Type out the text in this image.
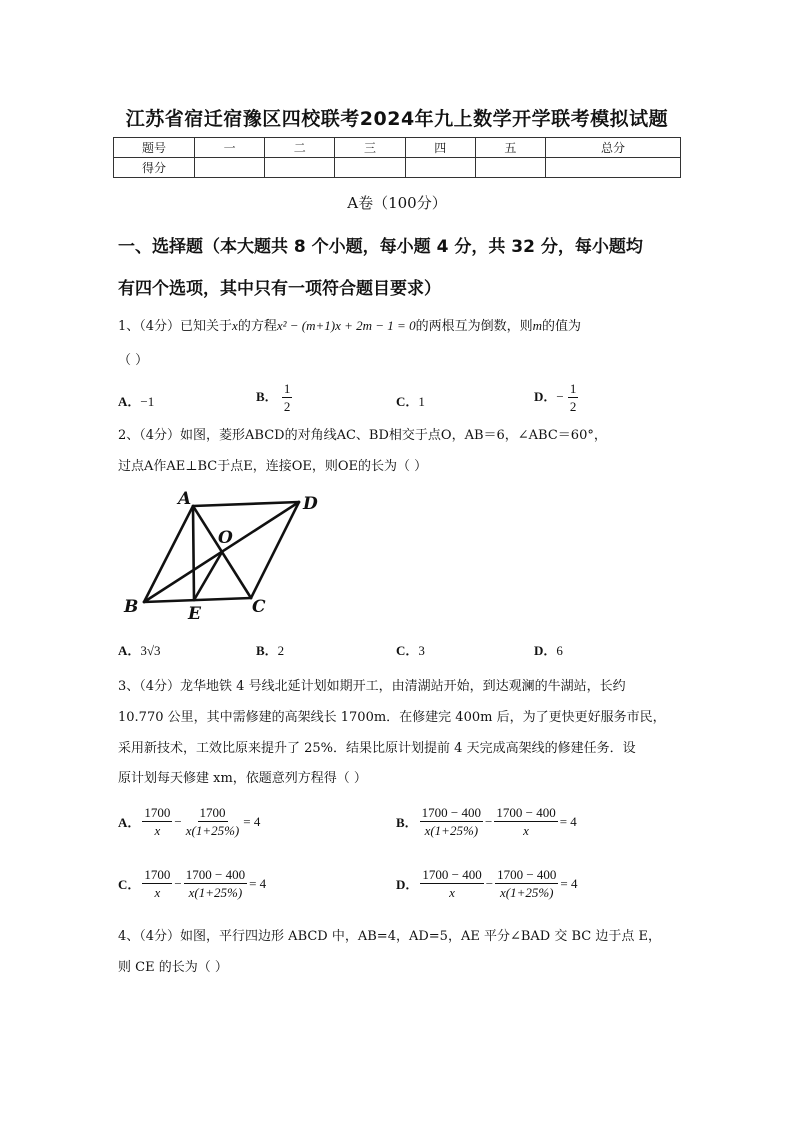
江苏省宿迁宿豫区四校联考2024年九上数学开学联考模拟试题
题号	一	二	三	四	五	总分
得分						
A卷（100分）
一、选择题（本大题共 8 个小题，每小题 4 分，共 32 分，每小题均
有四个选项，其中只有一项符合题目要求）
1、（4分）已知关于x的方程x² − (m+1)x + 2m − 1 = 0的两根互为倒数，则m的值为
（ ）
A．−1	B． $\frac{1}{2}$	C．1	D．− $\frac{1}{2}$
2、（4分）如图，菱形ABCD的对角线AC、BD相交于点O，AB＝6，∠ABC＝60°，
过点A作AE⊥BC于点E，连接OE，则OE的长为（ ）
A	D
O
B	E	C
A．3√3	B．2	C．3	D．6
3、（4分）龙华地铁 4 号线北延计划如期开工，由清湖站开始，到达观澜的牛湖站，长约
10.770 公里，其中需修建的高架线长 1700m．在修建完 400m 后，为了更快更好服务市民，
采用新技术，工效比原来提升了 25%．结果比原计划提前 4 天完成高架线的修建任务．设
原计划每天修建 xm，依题意列方程得（ ）
A． $\frac{1700}{x} - \frac{1700}{x(1+25\%)} = 4$	B． $\frac{1700 - 400}{x(1+25\%)} - \frac{1700 - 400}{x} = 4$
C． $\frac{1700}{x} - \frac{1700 - 400}{x(1+25\%)} = 4$	D． $\frac{1700 - 400}{x} - \frac{1700 - 400}{x(1+25\%)} = 4$
4、（4分）如图，平行四边形 ABCD 中，AB=4，AD=5，AE 平分∠BAD 交 BC 边于点 E，
则 CE 的长为（ ）
